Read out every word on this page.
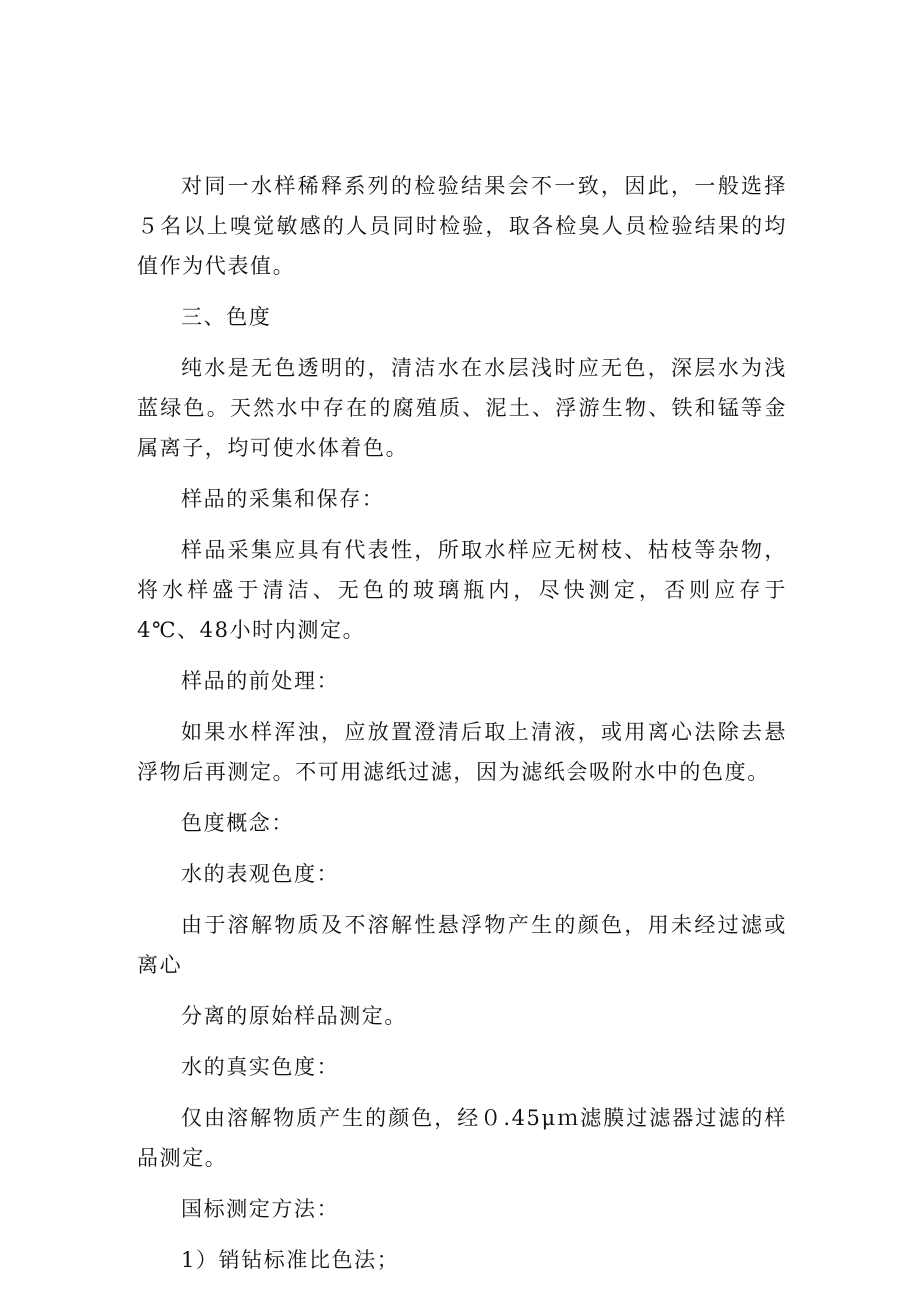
对同一水样稀释系列的检验结果会不一致，因此，一般选择５名以上嗅觉敏感的人员同时检验，取各检臭人员检验结果的均值作为代表值。

三、色度

纯水是无色透明的，清洁水在水层浅时应无色，深层水为浅蓝绿色。天然水中存在的腐殖质、泥土、浮游生物、铁和锰等金属离子，均可使水体着色。

样品的采集和保存：

样品采集应具有代表性，所取水样应无树枝、枯枝等杂物，将水样盛于清洁、无色的玻璃瓶内，尽快测定，否则应存于4℃、48小时内测定。

样品的前处理：

如果水样浑浊，应放置澄清后取上清液，或用离心法除去悬浮物后再测定。不可用滤纸过滤，因为滤纸会吸附水中的色度。

色度概念：

水的表观色度：

由于溶解物质及不溶解性悬浮物产生的颜色，用未经过滤或离心

分离的原始样品测定。

水的真实色度：

仅由溶解物质产生的颜色，经０.45μｍ滤膜过滤器过滤的样品测定。

国标测定方法：

1）销钻标准比色法；
